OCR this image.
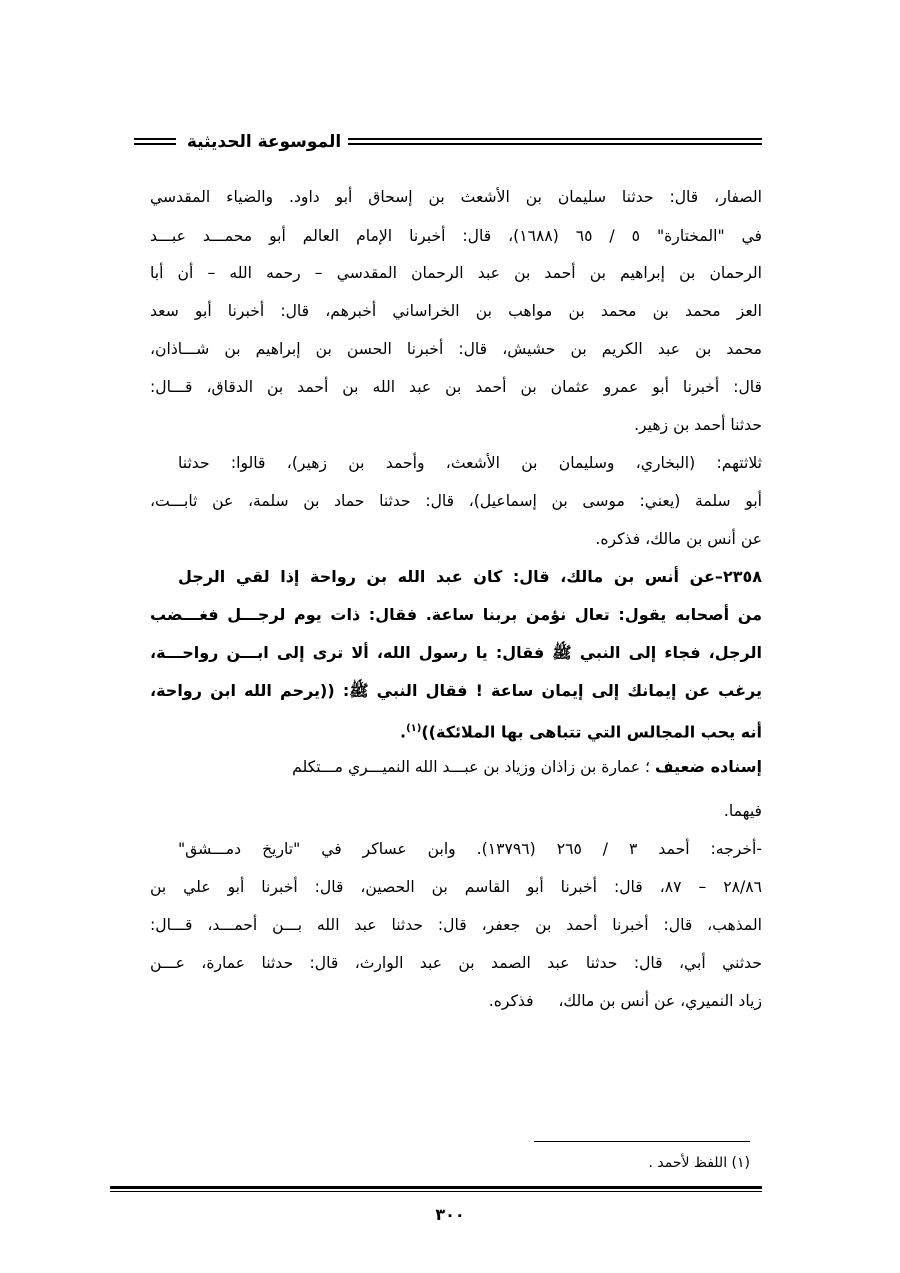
الموسوعة الحديثية
الصفار، قال: حدثنا سليمان بن الأشعث بن إسحاق أبو داود. والضياء المقدسي
في "المختارة" ٥ / ٦٥ (١٦٨٨)، قال: أخبرنا الإمام العالم أبو محمـــد عبـــد
الرحمان بن إبراهيم بن أحمد بن عبد الرحمان المقدسي – رحمه الله – أن أبا
العز محمد بن محمد بن مواهب بن الخراساني أخبرهم، قال: أخبرنا أبو سعد
محمد بن عبد الكريم بن حشيش، قال: أخبرنا الحسن بن إبراهيم بن شـــاذان،
قال: أخبرنا أبو عمرو عثمان بن أحمد بن عبد الله بن أحمد بن الدقاق، قـــال:
حدثنا أحمد بن زهير.
ثلاثتهم: (البخاري، وسليمان بن الأشعث، وأحمد بن زهير)، قالوا: حدثنا
أبو سلمة (يعني: موسى بن إسماعيل)، قال: حدثنا حماد بن سلمة، عن ثابـــت،
عن أنس بن مالك، فذكره.
٢٣٥٨–عن أنس بن مالك، قال: كان عبد الله بن رواحة إذا لقي الرجل
من أصحابه يقول: تعال نؤمن بربنا ساعة. فقال: ذات يوم لرجـــل فغـــضب
الرجل، فجاء إلى النبي ﷺ فقال: يا رسول الله، ألا ترى إلى ابـــن رواحـــة،
يرغب عن إيمانك إلى إيمان ساعة ! فقال النبي ﷺ: ((يرحم الله ابن رواحة،
أنه يحب المجالس التي تتباهى بها الملائكة))$^{(١)}$.
إسناده ضعيف ؛ عمارة بن زاذان وزياد بن عبـــد الله النميـــري مـــتكلم
فيهما.
-أخرجه: أحمد ٣ / ٢٦٥ (١٣٧٩٦). وابن عساكر في "تاريخ دمـــشق"
٢٨/٨٦ – ٨٧، قال: أخبرنا أبو القاسم بن الحصين، قال: أخبرنا أبو علي بن
المذهب، قال: أخبرنا أحمد بن جعفر، قال: حدثنا عبد الله بـــن أحمـــد، قـــال:
حدثني أبي، قال: حدثنا عبد الصمد بن عبد الوارث، قال: حدثنا عمارة، عـــن
زياد النميري، عن أنس بن مالك،     فذكره.
(١) اللفظ لأحمد .
٣٠٠
